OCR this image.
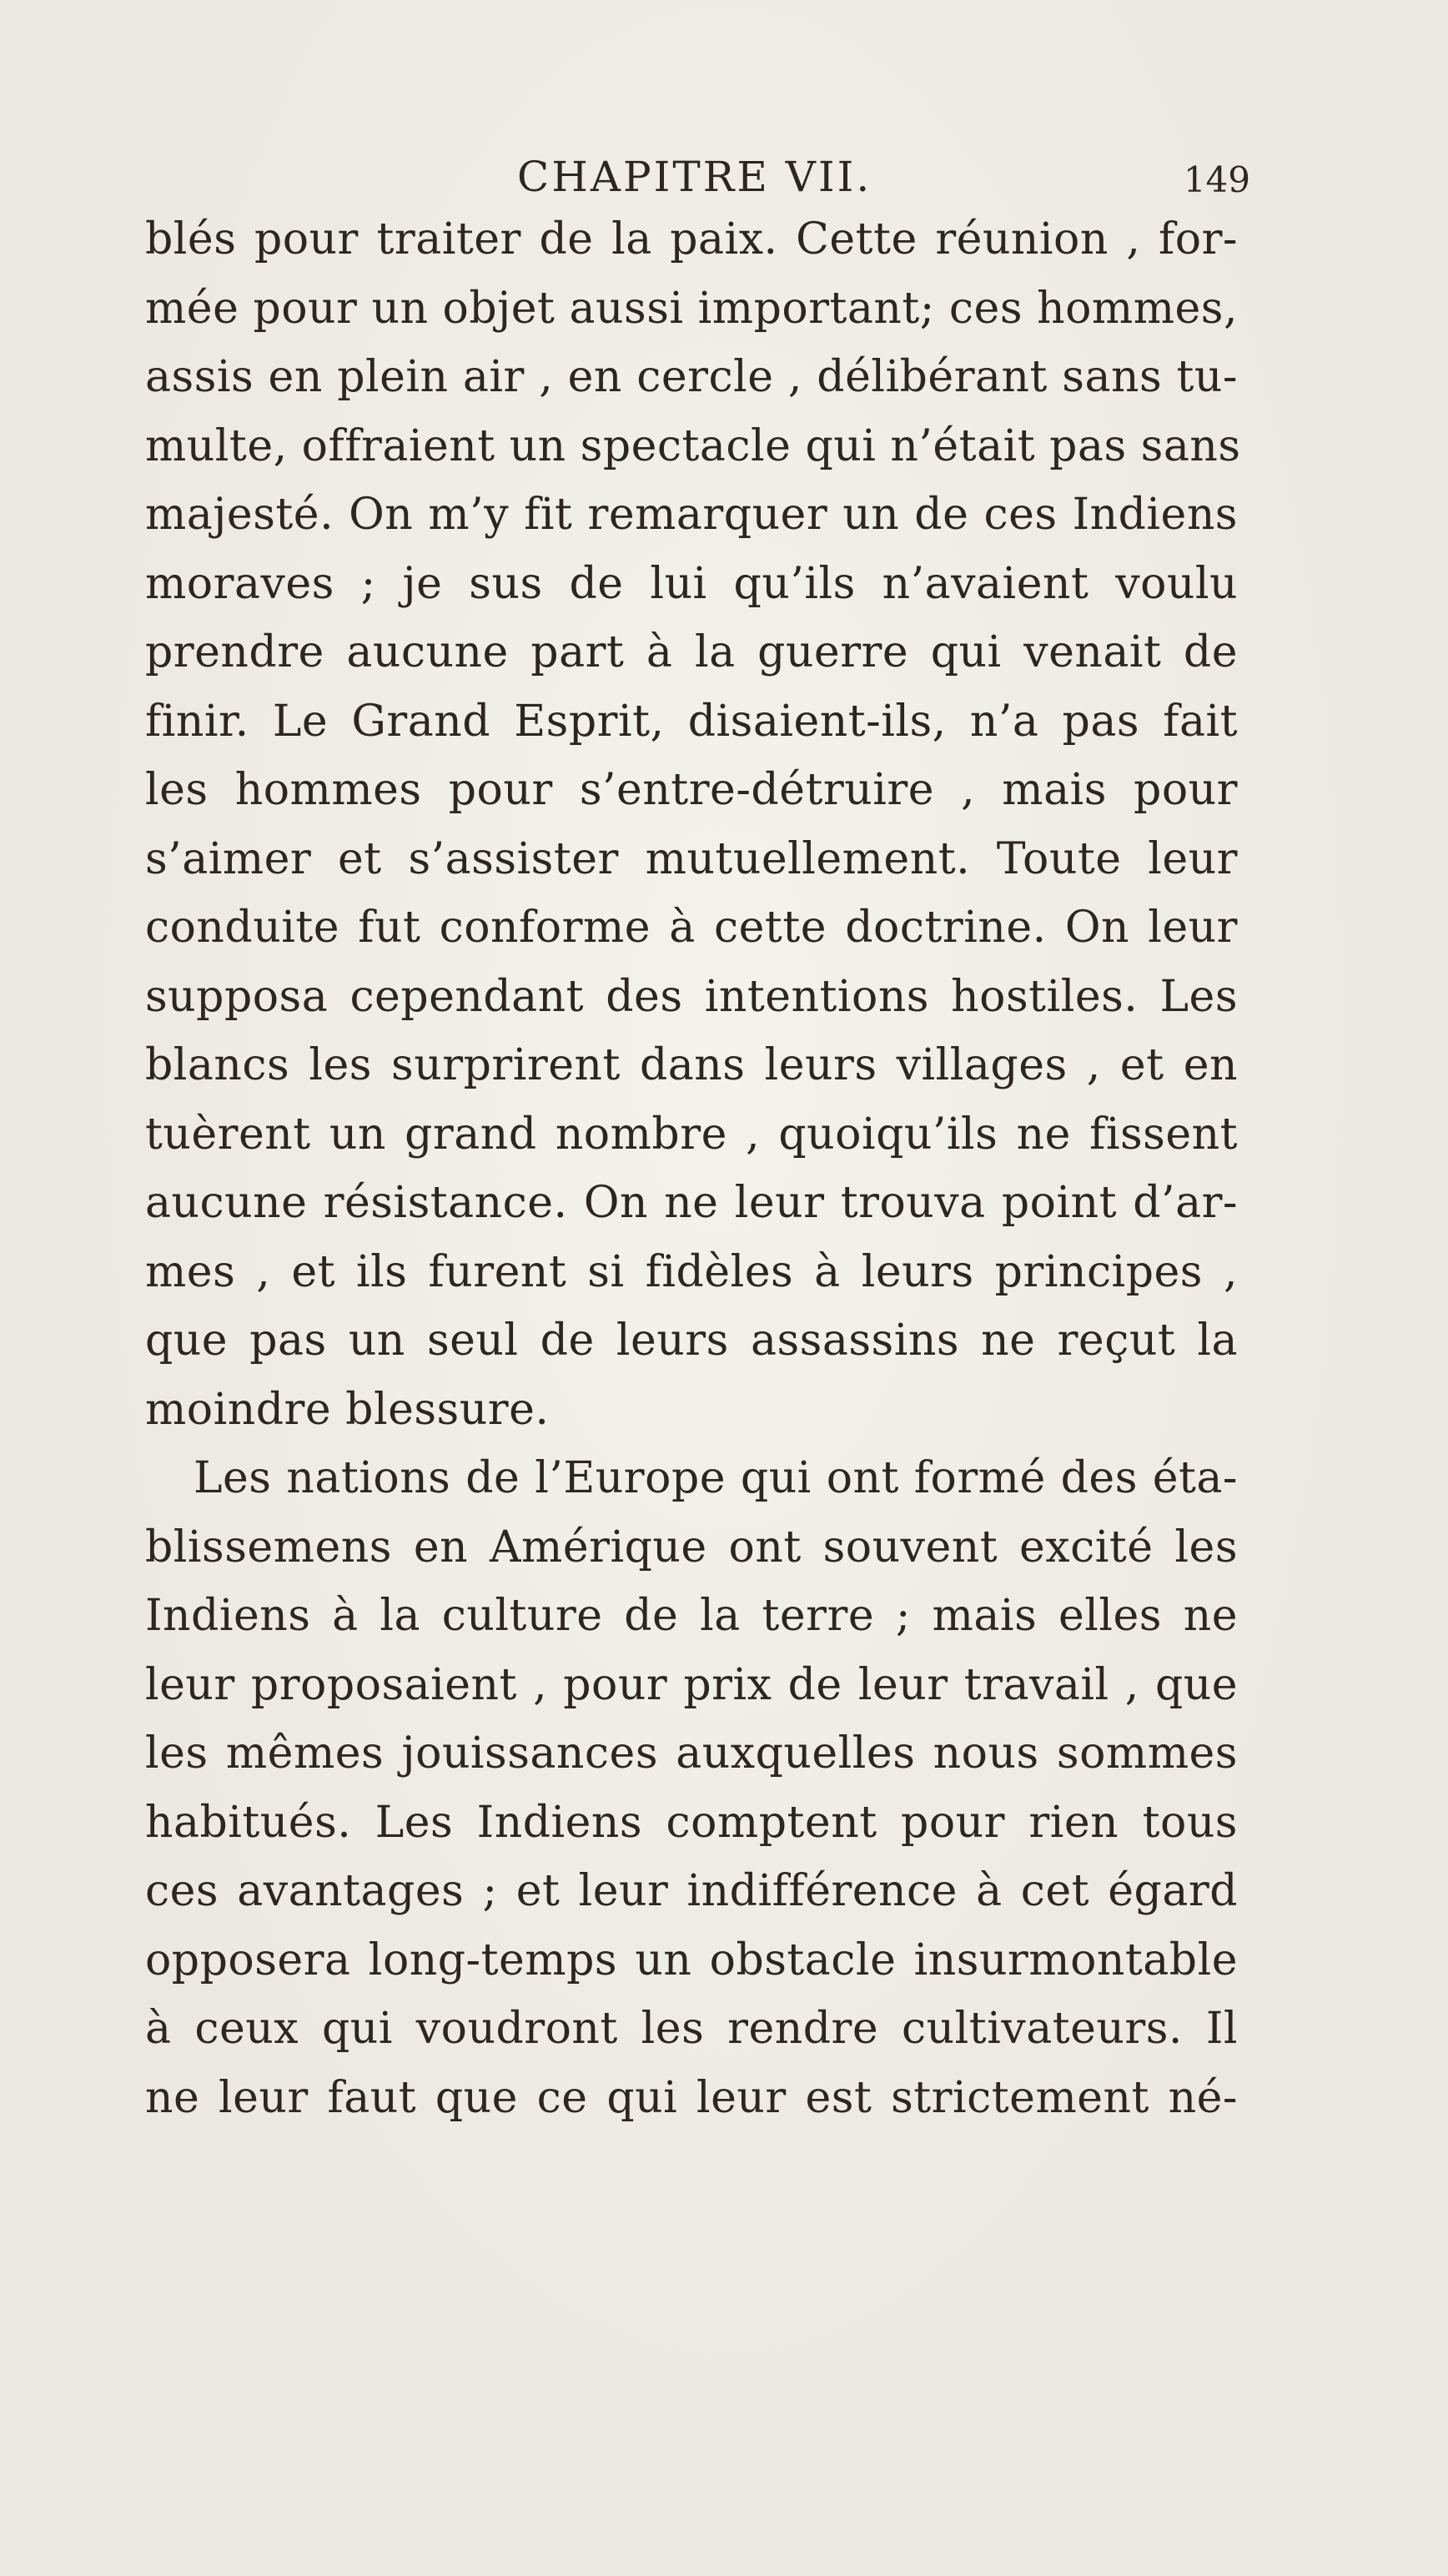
CHAPITRE VII.	149
blés pour traiter de la paix. Cette réunion , for-
mée pour un objet aussi important; ces hommes,
assis en plein air , en cercle , délibérant sans tu-
multe, offraient un spectacle qui n’était pas sans
majesté. On m’y fit remarquer un de ces Indiens
moraves ; je sus de lui qu’ils n’avaient voulu
prendre aucune part à la guerre qui venait de
finir. Le Grand Esprit, disaient-ils, n’a pas fait
les hommes pour s’entre-détruire , mais pour
s’aimer et s’assister mutuellement. Toute leur
conduite fut conforme à cette doctrine. On leur
supposa cependant des intentions hostiles. Les
blancs les surprirent dans leurs villages , et en
tuèrent un grand nombre , quoiqu’ils ne fissent
aucune résistance. On ne leur trouva point d’ar-
mes , et ils furent si fidèles à leurs principes ,
que pas un seul de leurs assassins ne reçut la
moindre blessure.
Les nations de l’Europe qui ont formé des éta-
blissemens en Amérique ont souvent excité les
Indiens à la culture de la terre ; mais elles ne
leur proposaient , pour prix de leur travail , que
les mêmes jouissances auxquelles nous sommes
habitués. Les Indiens comptent pour rien tous
ces avantages ; et leur indifférence à cet égard
opposera long-temps un obstacle insurmontable
à ceux qui voudront les rendre cultivateurs. Il
ne leur faut que ce qui leur est strictement né-
